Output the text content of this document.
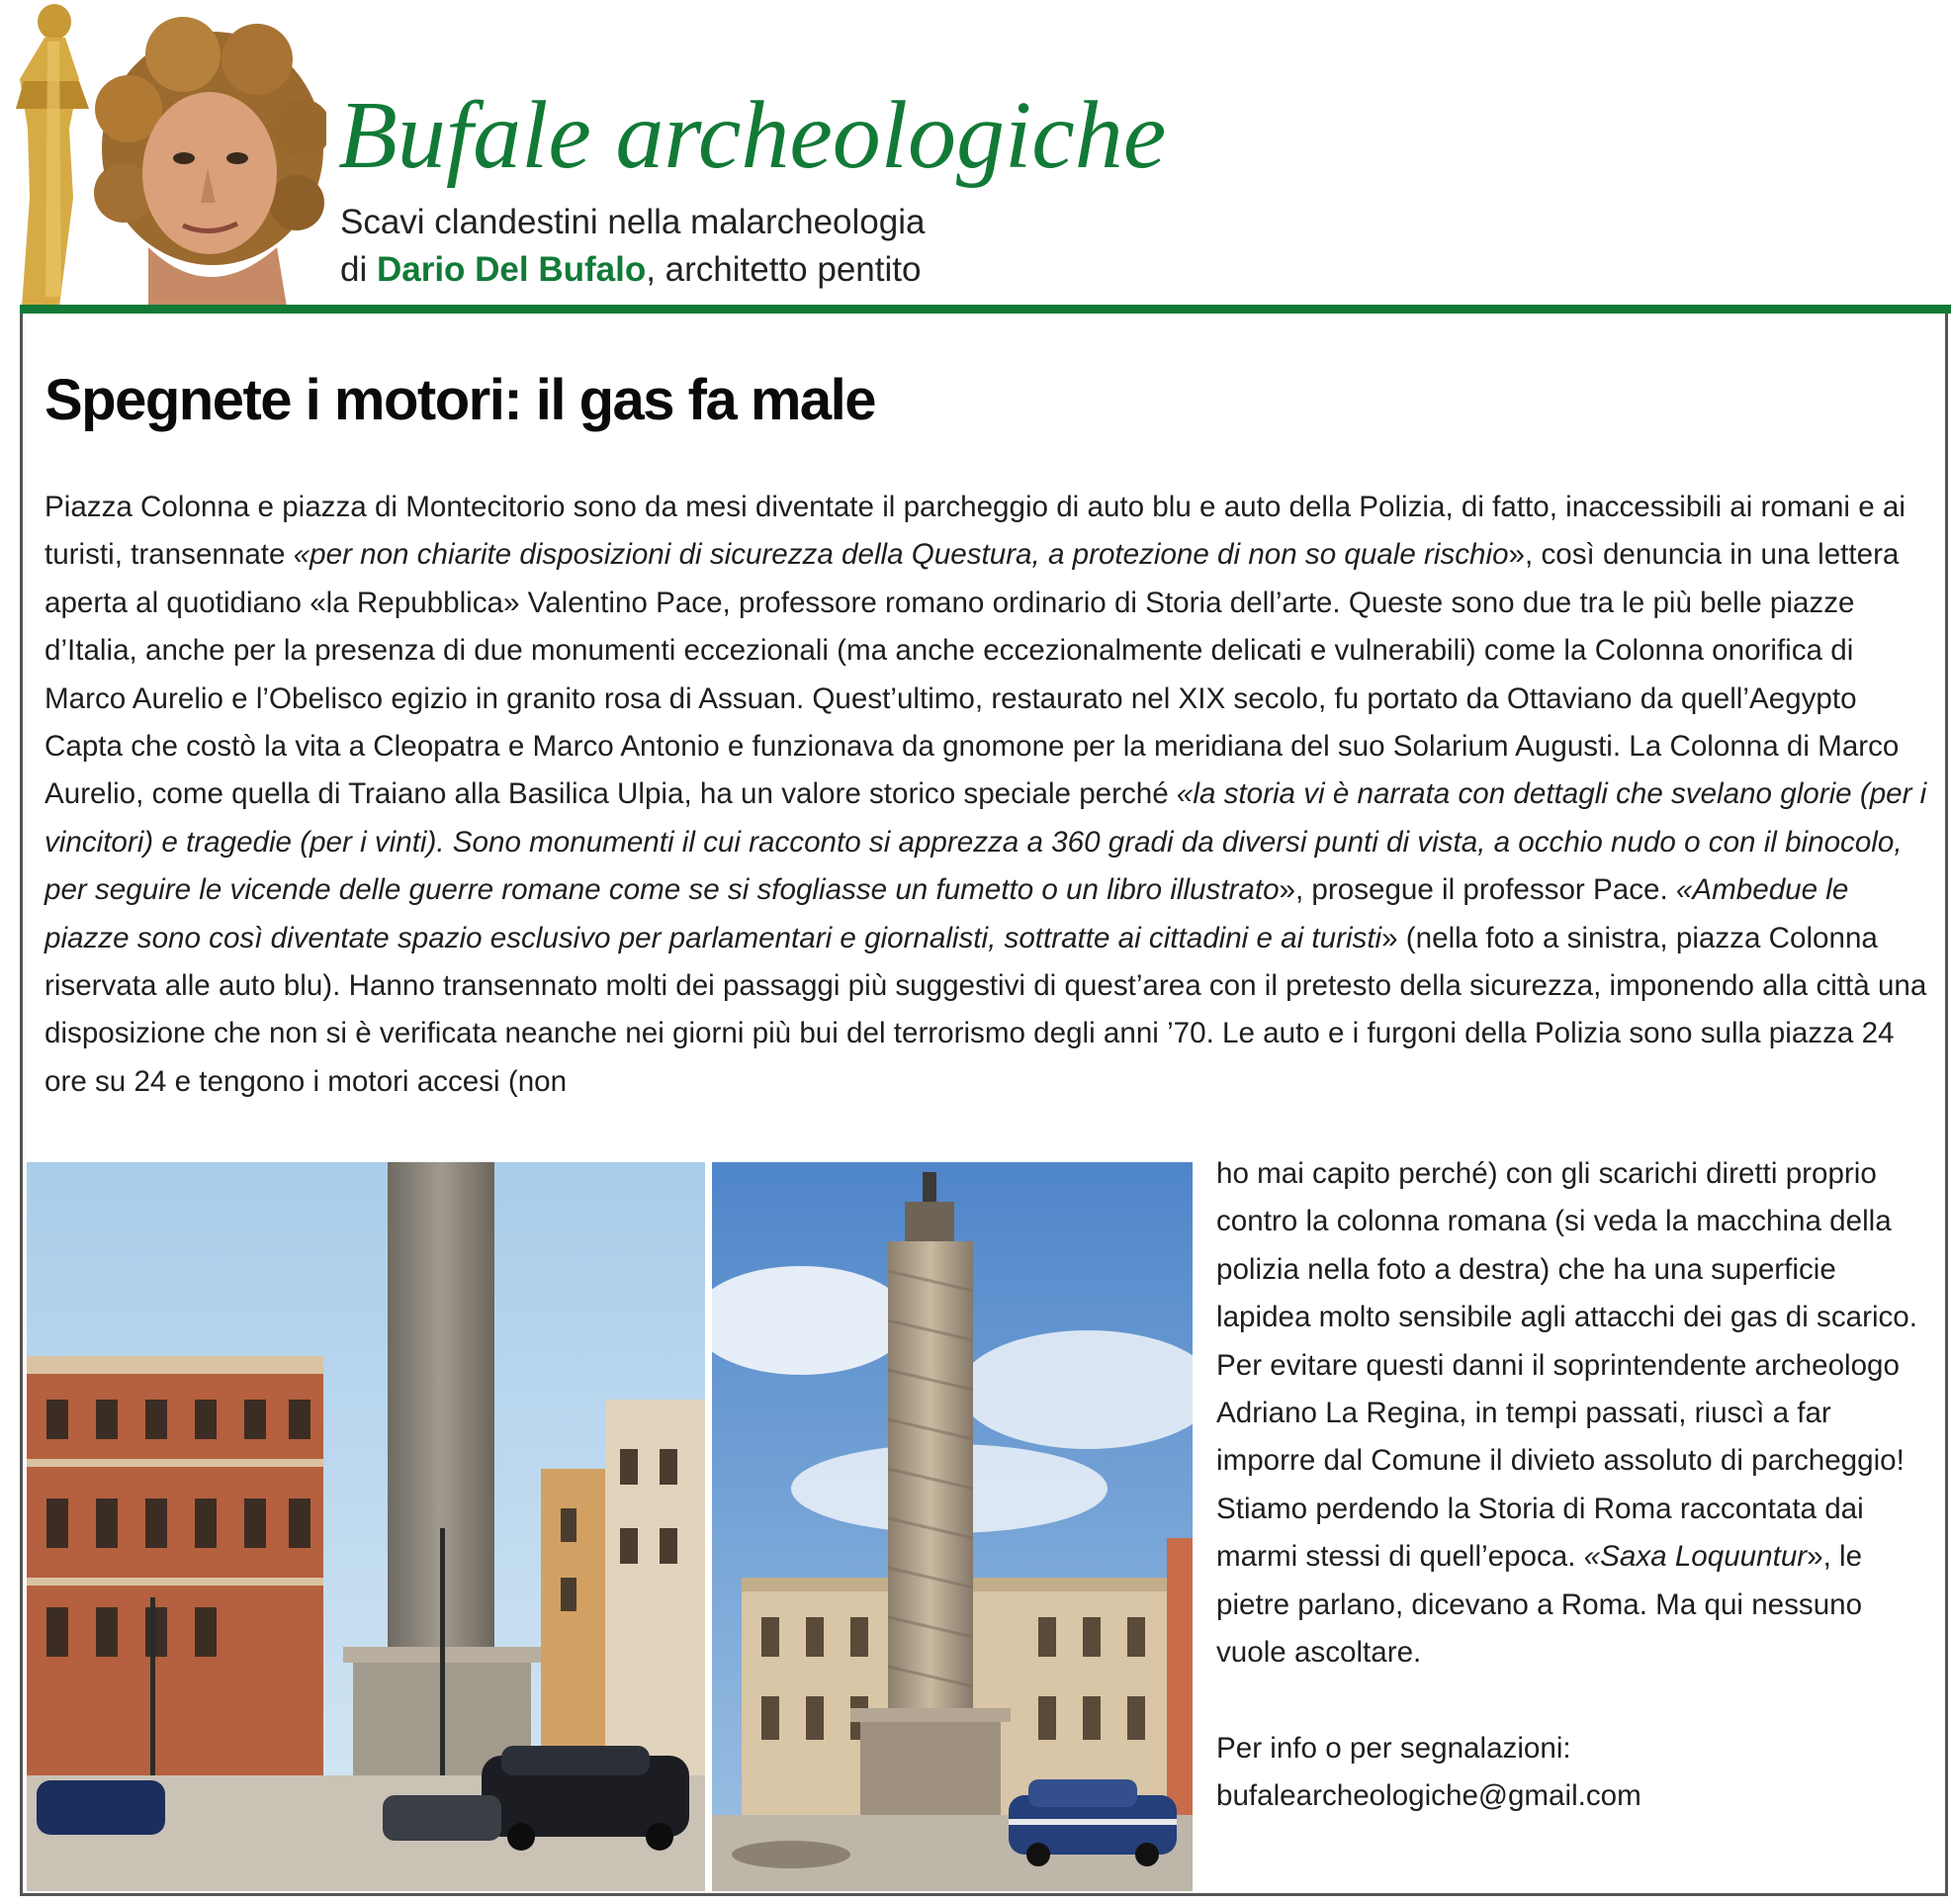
Bufale archeologiche
Scavi clandestini nella malarcheologia
di Dario Del Bufalo, architetto pentito
Spegnete i motori: il gas fa male

Piazza Colonna e piazza di Montecitorio sono da mesi diventate il parcheggio di auto blu e auto della Polizia, di fatto, inaccessibili ai romani e ai turisti, transennate «per non chiarite disposizioni di sicurezza della Questura, a protezione di non so quale rischio», così denuncia in una lettera aperta al quotidiano «la Repubblica» Valentino Pace, professore romano ordinario di Storia dell’arte. Queste sono due tra le più belle piazze d’Italia, anche per la presenza di due monumenti eccezionali (ma anche eccezionalmente delicati e vulnerabili) come la Colonna onorifica di Marco Aurelio e l’Obelisco egizio in granito rosa di Assuan. Quest’ultimo, restaurato nel XIX secolo, fu portato da Ottaviano da quell’Aegypto Capta che costò la vita a Cleopatra e Marco Antonio e funzionava da gnomone per la meridiana del suo Solarium Augusti. La Colonna di Marco Aurelio, come quella di Traiano alla Basilica Ulpia, ha un valore storico speciale perché «la storia vi è narrata con dettagli che svelano glorie (per i vincitori) e tragedie (per i vinti). Sono monumenti il cui racconto si apprezza a 360 gradi da diversi punti di vista, a occhio nudo o con il binocolo, per seguire le vicende delle guerre romane come se si sfogliasse un fumetto o un libro illustrato», prosegue il professor Pace. «Ambedue le piazze sono così diventate spazio esclusivo per parlamentari e giornalisti, sottratte ai cittadini e ai turisti» (nella foto a sinistra, piazza Colonna riservata alle auto blu). Hanno transennato molti dei passaggi più suggestivi di quest’area con il pretesto della sicurezza, imponendo alla città una disposizione che non si è verificata neanche nei giorni più bui del terrorismo degli anni ’70. Le auto e i furgoni della Polizia sono sulla piazza 24 ore su 24 e tengono i motori accesi (non

ho mai capito perché) con gli scarichi diretti proprio contro la colonna romana (si veda la macchina della polizia nella foto a destra) che ha una superficie lapidea molto sensibile agli attacchi dei gas di scarico. Per evitare questi danni il soprintendente archeologo Adriano La Regina, in tempi passati, riuscì a far imporre dal Comune il divieto assoluto di parcheggio! Stiamo perdendo la Storia di Roma raccontata dai marmi stessi di quell’epoca. «Saxa Loquuntur», le pietre parlano, dicevano a Roma. Ma qui nessuno vuole ascoltare.

Per info o per segnalazioni:
bufalearcheologiche@gmail.com
